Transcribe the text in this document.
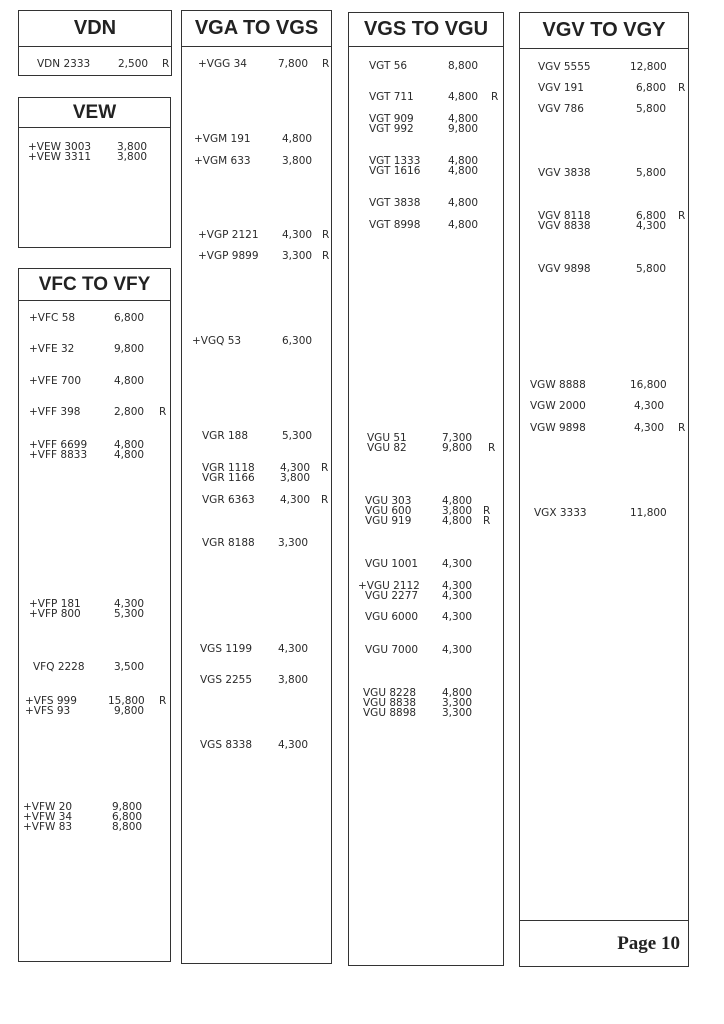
VDN
VDN 2333	2,500 R
VEW
+VEW 3003 3,800
+VEW 3311 3,800
VFC TO VFY
+VFC 58	6,800
+VFE 32	9,800
+VFE 700	4,800
+VFF 398	2,800 R
+VFF 6699	4,800
+VFF 8833	4,800
+VFP 181	4,300
+VFP 800	5,300
VFQ 2228	3,500
+VFS 999	15,800 R
+VFS 93	9,800
+VFW 20	9,800
+VFW 34	6,800
+VFW 83	8,800
VGA TO VGS
+VGG 34	7,800 R
+VGM 191	4,800
+VGM 633	3,800
+VGP 2121 4,300 R
+VGP 9899 3,300 R
+VGQ 53	6,300
VGR 188	5,300
VGR 1118 4,300 R
VGR 1166 3,800
VGR 6363 4,300 R
VGR 8188 3,300
VGS 1199 4,300
VGS 2255 3,800
VGS 8338 4,300
VGS TO VGU
VGT 56	8,800
VGT 711	4,800 R
VGT 909	4,800
VGT 992	9,800
VGT 1333	4,800
VGT 1616	4,800
VGT 3838	4,800
VGT 8998	4,800
VGU 51	7,300
VGU 82	9,800 R
VGU 303	4,800
VGU 600	3,800 R
VGU 919	4,800 R
VGU 1001 4,300
+VGU 2112 4,300
VGU 2277 4,300
VGU 6000 4,300
VGU 7000 4,300
VGU 8228 4,800
VGU 8838 3,300
VGU 8898 3,300
VGV TO VGY
VGV 5555	12,800
VGV 191	6,800 R
VGV 786	5,800
VGV 3838	5,800
VGV 8118	6,800 R
VGV 8838	4,300
VGV 9898	5,800
VGW 8888	16,800
VGW 2000	4,300
VGW 9898	4,300 R
VGX 3333	11,800
Page 10
